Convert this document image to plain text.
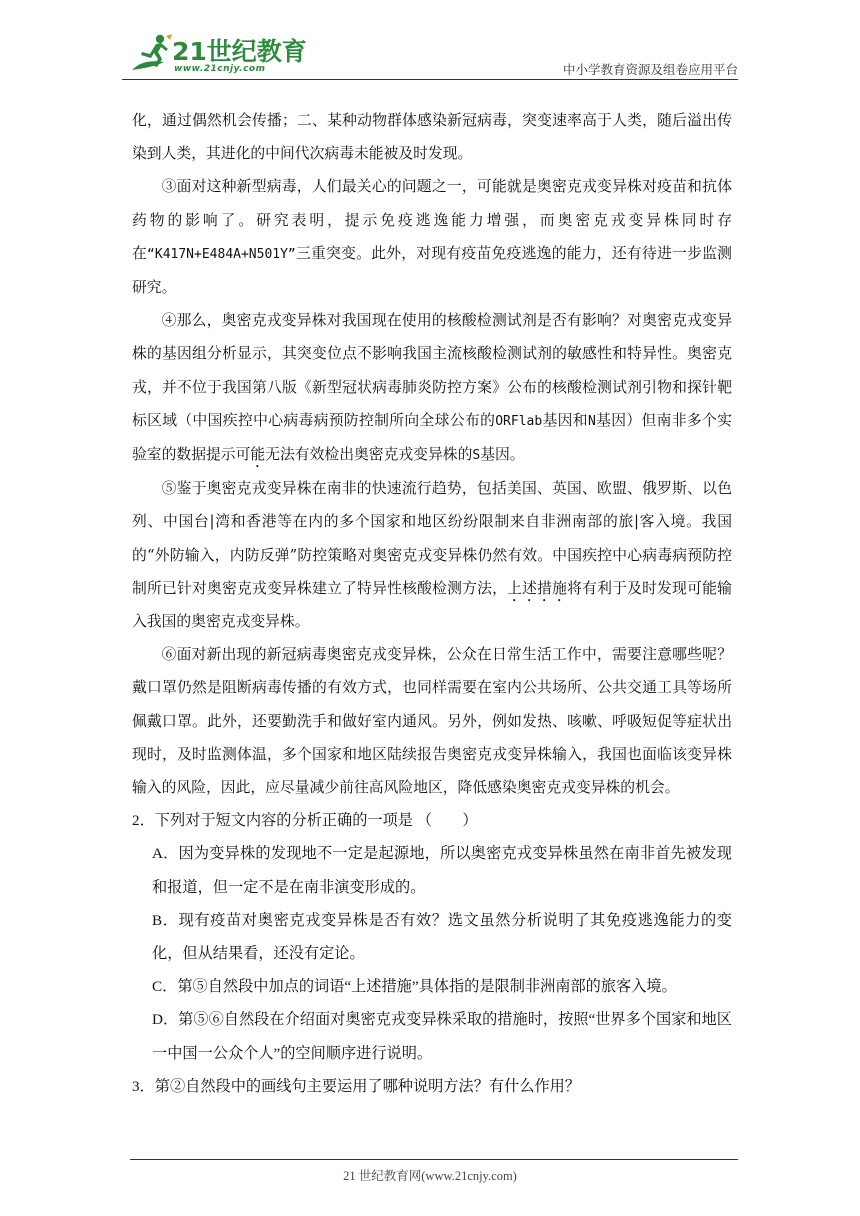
21世纪教育
www.21cnjy.com	中小学教育资源及组卷应用平台

化，通过偶然机会传播；二、某种动物群体感染新冠病毒，突变速率高于人类，随后溢出传染到人类，其进化的中间代次病毒未能被及时发现。

③面对这种新型病毒，人们最关心的问题之一，可能就是奥密克戎变异株对疫苗和抗体药物的影响了。研究表明，提示免疫逃逸能力增强，而奥密克戎变异株同时存在“K417N+E484A+N501Y”三重突变。此外，对现有疫苗免疫逃逸的能力，还有待进一步监测研究。

④那么，奥密克戎变异株对我国现在使用的核酸检测试剂是否有影响？对奥密克戎变异株的基因组分析显示，其突变位点不影响我国主流核酸检测试剂的敏感性和特异性。奥密克戎，并不位于我国第八版《新型冠状病毒肺炎防控方案》公布的核酸检测试剂引物和探针靶标区域（中国疾控中心病毒病预防控制所向全球公布的ORFlab基因和N基因）但南非多个实验室的数据提示可能无法有效检出奥密克戎变异株的S基因。

⑤鉴于奥密克戎变异株在南非的快速流行趋势，包括美国、英国、欧盟、俄罗斯、以色列、中国台|湾和香港等在内的多个国家和地区纷纷限制来自非洲南部的旅|客入境。我国的“外防输入，内防反弹”防控策略对奥密克戎变异株仍然有效。中国疾控中心病毒病预防控制所已针对奥密克戎变异株建立了特异性核酸检测方法，上述措施将有利于及时发现可能输入我国的奥密克戎变异株。

⑥面对新出现的新冠病毒奥密克戎变异株，公众在日常生活工作中，需要注意哪些呢？戴口罩仍然是阻断病毒传播的有效方式，也同样需要在室内公共场所、公共交通工具等场所佩戴口罩。此外，还要勤洗手和做好室内通风。另外，例如发热、咳嗽、呼吸短促等症状出现时，及时监测体温，多个国家和地区陆续报告奥密克戎变异株输入，我国也面临该变异株输入的风险，因此，应尽量减少前往高风险地区，降低感染奥密克戎变异株的机会。

2．下列对于短文内容的分析正确的一项是 （　　）

A．因为变异株的发现地不一定是起源地，所以奥密克戎变异株虽然在南非首先被发现和报道，但一定不是在南非演变形成的。

B．现有疫苗对奥密克戎变异株是否有效？选文虽然分析说明了其免疫逃逸能力的变化，但从结果看，还没有定论。

C．第⑤自然段中加点的词语“上述措施”具体指的是限制非洲南部的旅客入境。

D．第⑤⑥自然段在介绍面对奥密克戎变异株采取的措施时，按照“世界多个国家和地区一中国一公众个人”的空间顺序进行说明。

3．第②自然段中的画线句主要运用了哪种说明方法？有什么作用？

21 世纪教育网(www.21cnjy.com)
